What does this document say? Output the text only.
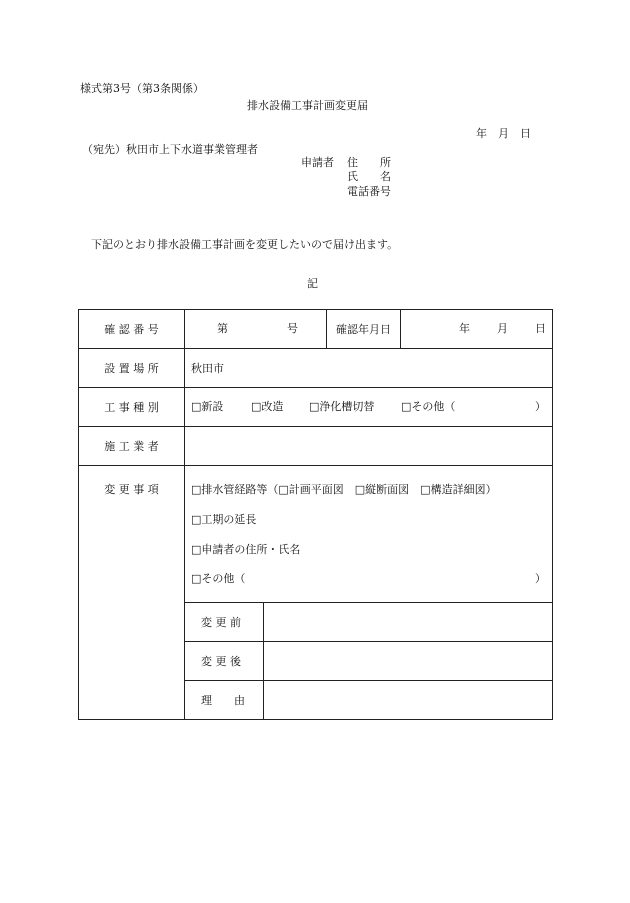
様式第3号（第3条関係）
排水設備工事計画変更届
年　月　日
（宛先）秋田市上下水道事業管理者
申請者 住　　所
氏　　名
電話番号
下記のとおり排水設備工事計画を変更したいので届け出ます。
記
確 認 番 号	第 号		確認年月日	年 月 日

設 置 場 所	秋田市			
工 事 種 別	□新設 □改造 □浄化槽切替 □その他（ ）			

施 工 業 者				
変 更 事 項	□排水管経路等（□計画平面図　□縦断面図　□構造詳細図）
□工期の延長
□申請者の住所・氏名
□その他（ ）			

	変 更 前			
	変 更 後			
	理　　由			
